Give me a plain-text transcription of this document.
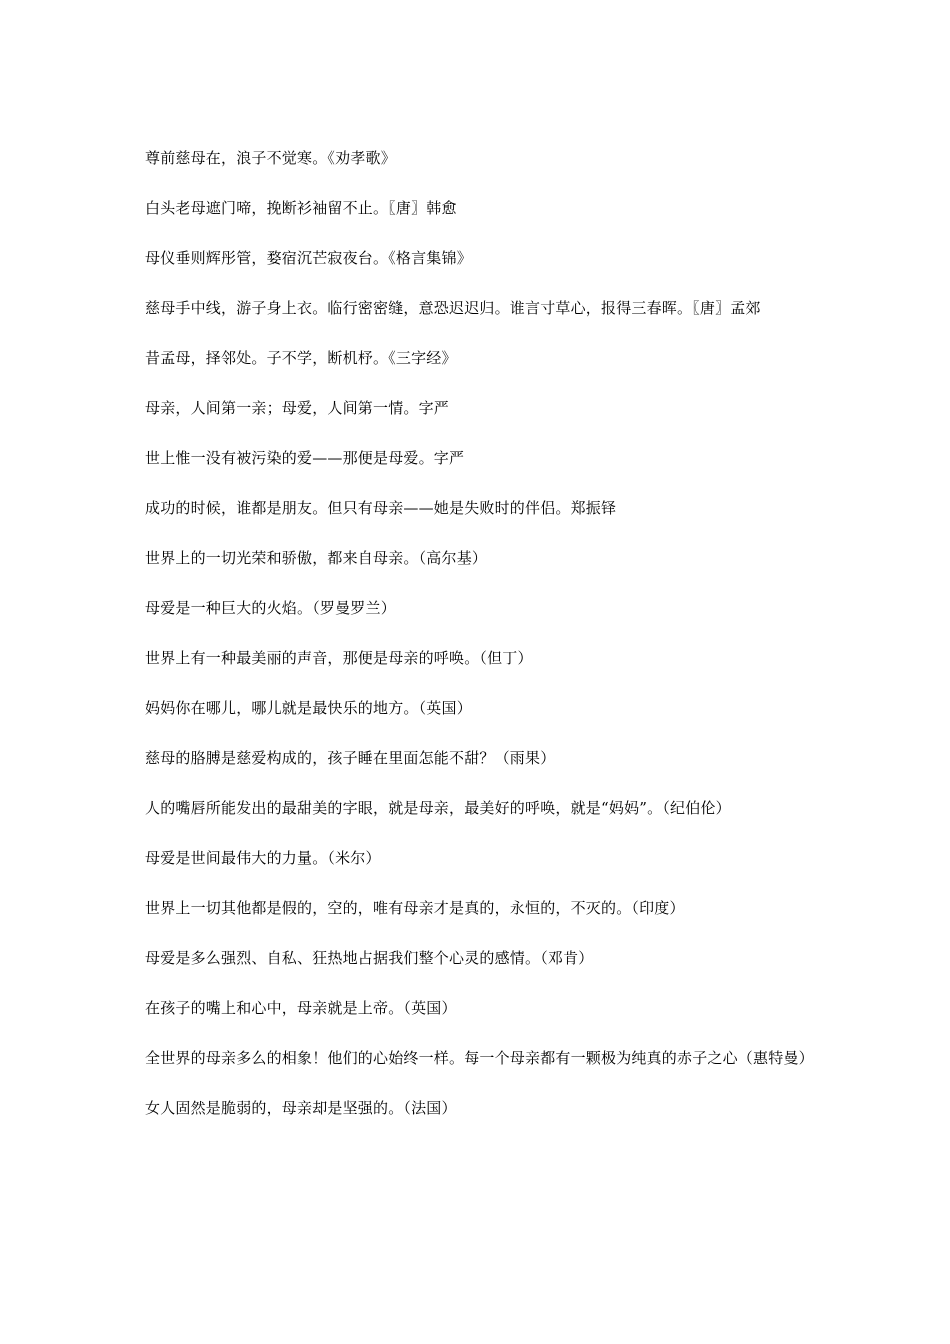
尊前慈母在，浪子不觉寒。《劝孝歌》

白头老母遮门啼，挽断衫袖留不止。〖唐〗韩愈

母仪垂则辉彤管，婺宿沉芒寂夜台。《格言集锦》

慈母手中线，游子身上衣。临行密密缝，意恐迟迟归。谁言寸草心，报得三春晖。〖唐〗孟郊

昔孟母，择邻处。子不学，断机杼。《三字经》

母亲，人间第一亲；母爱，人间第一情。字严

世上惟一没有被污染的爱——那便是母爱。字严

成功的时候，谁都是朋友。但只有母亲——她是失败时的伴侣。郑振铎

世界上的一切光荣和骄傲，都来自母亲。（高尔基）

母爱是一种巨大的火焰。（罗曼罗兰）

世界上有一种最美丽的声音，那便是母亲的呼唤。（但丁）

妈妈你在哪儿，哪儿就是最快乐的地方。（英国）

慈母的胳膊是慈爱构成的，孩子睡在里面怎能不甜？（雨果）

人的嘴唇所能发出的最甜美的字眼，就是母亲，最美好的呼唤，就是“妈妈”。（纪伯伦）

母爱是世间最伟大的力量。（米尔）

世界上一切其他都是假的，空的，唯有母亲才是真的，永恒的，不灭的。（印度）

母爱是多么强烈、自私、狂热地占据我们整个心灵的感情。（邓肯）

在孩子的嘴上和心中，母亲就是上帝。（英国）

全世界的母亲多么的相象！他们的心始终一样。每一个母亲都有一颗极为纯真的赤子之心（惠特曼）

女人固然是脆弱的，母亲却是坚强的。（法国）
